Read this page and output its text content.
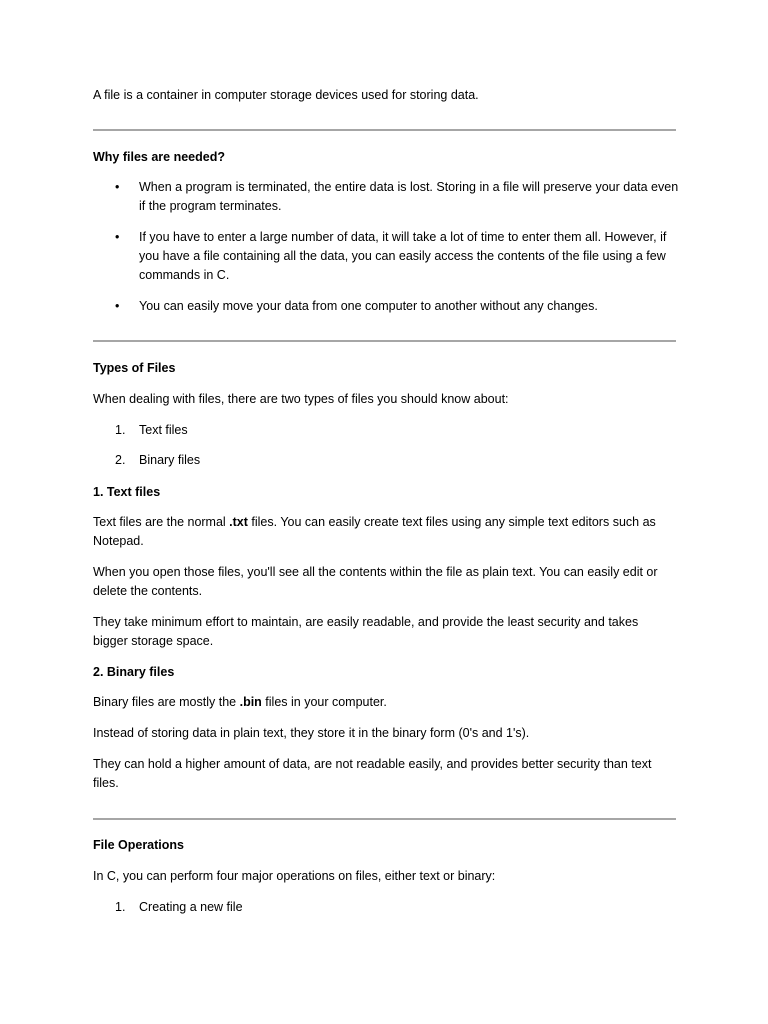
A file is a container in computer storage devices used for storing data.
Why files are needed?
•	When a program is terminated, the entire data is lost. Storing in a file will preserve your data even if the program terminates.
•	If you have to enter a large number of data, it will take a lot of time to enter them all. However, if you have a file containing all the data, you can easily access the contents of the file using a few commands in C.
•	You can easily move your data from one computer to another without any changes.
Types of Files
When dealing with files, there are two types of files you should know about:
1. Text files
2. Binary files
1. Text files
Text files are the normal .txt files. You can easily create text files using any simple text editors such as Notepad.
When you open those files, you'll see all the contents within the file as plain text. You can easily edit or delete the contents.
They take minimum effort to maintain, are easily readable, and provide the least security and takes bigger storage space.
2. Binary files
Binary files are mostly the .bin files in your computer.
Instead of storing data in plain text, they store it in the binary form (0's and 1's).
They can hold a higher amount of data, are not readable easily, and provides better security than text files.
File Operations
In C, you can perform four major operations on files, either text or binary:
1. Creating a new file
